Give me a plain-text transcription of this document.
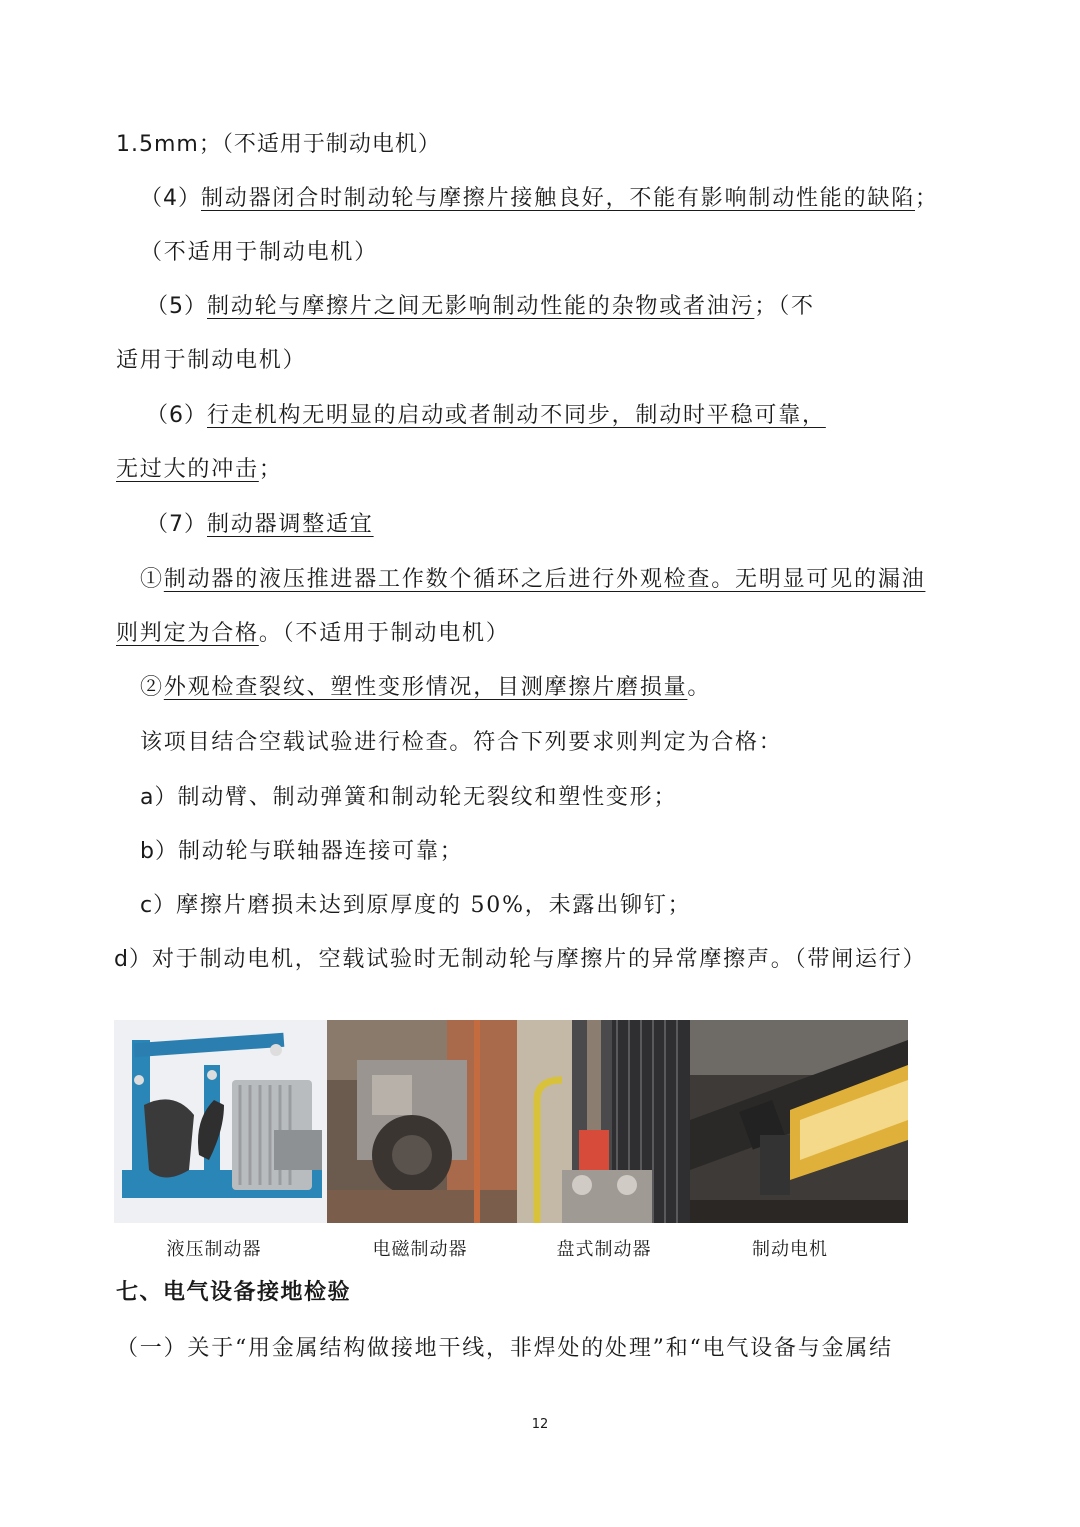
1.5mm；（不适用于制动电机）
（4）制动器闭合时制动轮与摩擦片接触良好，不能有影响制动性能的缺陷；
（不适用于制动电机）
（5）制动轮与摩擦片之间无影响制动性能的杂物或者油污；（不
适用于制动电机）
（6）行走机构无明显的启动或者制动不同步，制动时平稳可靠，
无过大的冲击；
（7）制动器调整适宜
①制动器的液压推进器工作数个循环之后进行外观检查。无明显可见的漏油
则判定为合格。（不适用于制动电机）
②外观检查裂纹、塑性变形情况，目测摩擦片磨损量。
该项目结合空载试验进行检查。符合下列要求则判定为合格：
a）制动臂、制动弹簧和制动轮无裂纹和塑性变形；
b）制动轮与联轴器连接可靠；
c）摩擦片磨损未达到原厚度的 50%，未露出铆钉；
d）对于制动电机，空载试验时无制动轮与摩擦片的异常摩擦声。（带闸运行）
液压制动器	电磁制动器	盘式制动器	制动电机
七、电气设备接地检验
（一）关于“用金属结构做接地干线，非焊处的处理”和“电气设备与金属结
12
